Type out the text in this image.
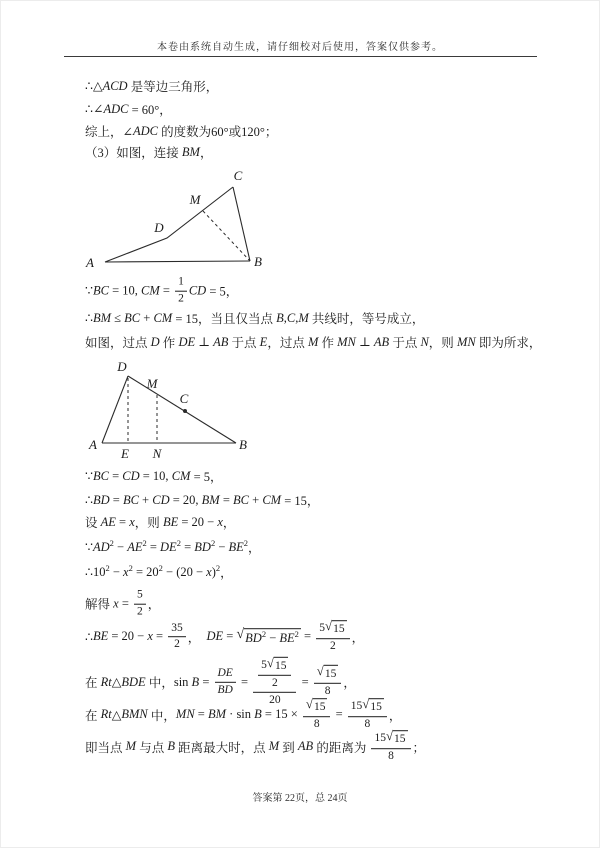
本卷由系统自动生成，请仔细校对后使用，答案仅供参考。
∴△ ACD 是等边三角形，
∴∠ ADC = 60°，
综上，∠ ADC 的度数为60°或120°；
（3）如图，连接 BM ，
∵ BC = 10, CM = $\frac{1}{2}$ CD = 5，
∴ BM ≤ BC + CM = 15，当且仅当点 B , C , M 共线时，等号成立，
如图，过点 D 作 DE ⊥ AB 于点 E ，过点 M 作 MN ⊥ AB 于点 N ，则 MN 即为所求，
∵ BC = CD = 10, CM = 5，
∴ BD = BC + CD = 20, BM = BC + CM = 15，
设 AE = x ，则 BE = 20 − x ，
∵ AD 2 − AE 2 = DE 2 = BD 2 − BE 2 ，
∴10 2 − x 2 = 20 2 − (20 − x ) 2 ，
解得 $x = \frac{5}{2}$ ，
∴ BE = $20 - x = \frac{35}{2}$ ， DE = √ BD 2 − BE $2 = \frac{5 √ 15}{2}$ ，
在 Rt △ BDE 中， $\sin B = \frac{DE}{BD} = \frac{\frac{5 √ 15}{2}}{20} = \frac{√ 15}{8}$ ，
在 Rt △ BMN 中， MN = BM · $\sin B = 15 \times \frac{√ 15}{8} = \frac{15 √ 15}{8}$ ，
即当点 M 与点 B 距离最大时，点 M 到 AB 的距离为 $\frac{15 √ 15}{8}$ ；
A	B
C
D
M
D
M
C
A	B
E N
答案第 22页，总 24页
